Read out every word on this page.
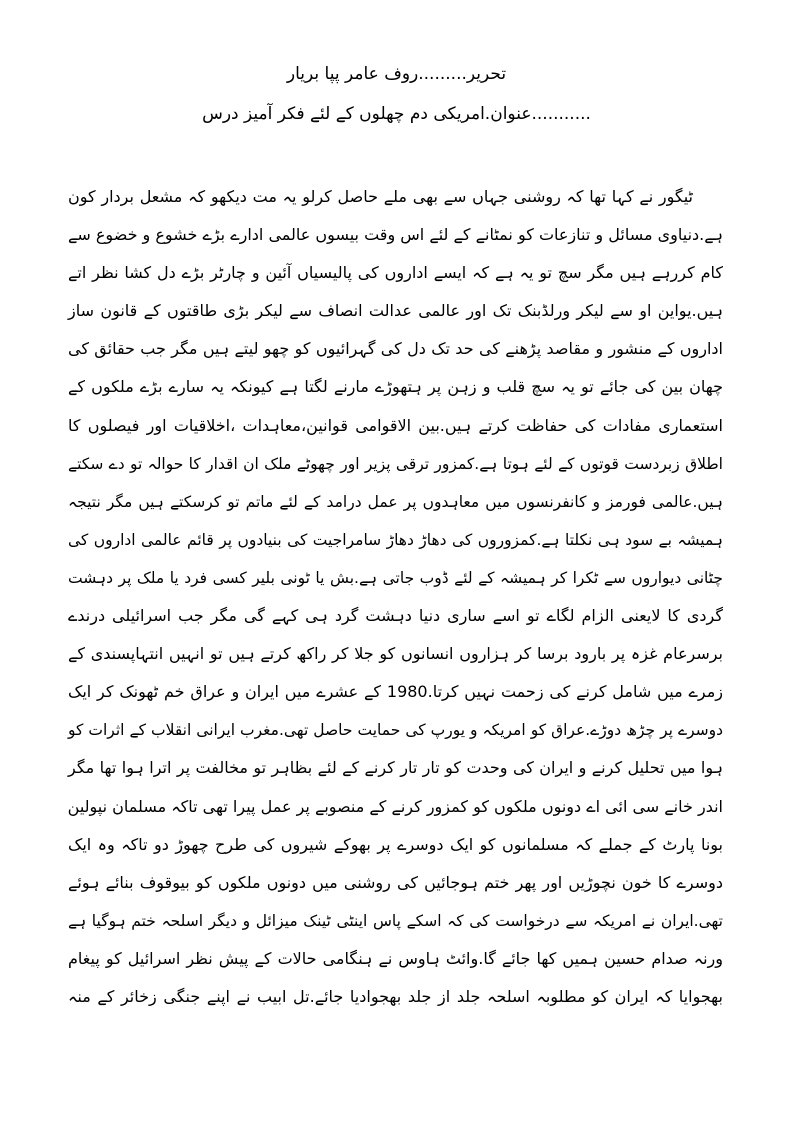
تحریر.........روف عامر پپا بریار
...........عنوان.امریکی دم چھلوں کے لئے فکر آمیز درس
ٹیگور نے کہا تھا کہ روشنی جہاں سے بھی ملے حاصل کرلو یہ مت دیکھو کہ مشعل بردار کون
ہے.دنیاوی مسائل و تنازعات کو نمٹانے کے لئے اس وقت بیسوں عالمی ادارے بڑے خشوع و خضوع سے
کام کررہے ہیں مگر سچ تو یہ ہے کہ ایسے اداروں کی پالیسیاں آئین و چارٹر بڑے دل کشا نظر اتے
ہیں.یواین او سے لیکر ورلڈبنک تک اور عالمی عدالت انصاف سے لیکر بڑی طاقتوں کے قانون ساز
اداروں کے منشور و مقاصد پڑھنے کی حد تک دل کی گہرائیوں کو چھو لیتے ہیں مگر جب حقائق کی
چھان بین کی جائے تو یہ سچ قلب و زہن پر ہتھوڑے مارنے لگتا ہے کیونکہ یہ سارے بڑے ملکوں کے
استعماری مفادات کی حفاظت کرتے ہیں.بین الاقوامی قوانین،معاہدات ،اخلاقیات اور فیصلوں کا
اطلاق زبردست قوتوں کے لئے ہوتا ہے.کمزور ترقی پزیر اور چھوٹے ملک ان اقدار کا حوالہ تو دے سکتے
ہیں.عالمی فورمز و کانفرنسوں میں معاہدوں پر عمل درامد کے لئے ماتم تو کرسکتے ہیں مگر نتیجہ
ہمیشہ بے سود ہی نکلتا ہے.کمزوروں کی دھاڑ دھاڑ سامراجیت کی بنیادوں پر قائم عالمی اداروں کی
چٹانی دیواروں سے ٹکرا کر ہمیشہ کے لئے ڈوب جاتی ہے.بش یا ٹونی بلیر کسی فرد یا ملک پر دہشت
گردی کا لایعنی الزام لگاے تو اسے ساری دنیا دہشت گرد ہی کہے گی مگر جب اسرائیلی درندے
برسرعام غزہ پر بارود برسا کر ہزاروں انسانوں کو جلا کر راکھ کرتے ہیں تو انہیں انتہاپسندی کے
زمرے میں شامل کرنے کی زحمت نہیں کرتا.1980 کے عشرے میں ایران و عراق خم ٹھونک کر ایک
دوسرے پر چڑھ دوڑے.عراق کو امریکہ و یورپ کی حمایت حاصل تھی.مغرب ایرانی انقلاب کے اثرات کو
ہوا میں تحلیل کرنے و ایران کی وحدت کو تار تار کرنے کے لئے بظاہر تو مخالفت پر اترا ہوا تھا مگر
اندر خانے سی ائی اے دونوں ملکوں کو کمزور کرنے کے منصوبے پر عمل پیرا تھی تاکہ مسلمان نپولین
بونا پارٹ کے جملے کہ مسلمانوں کو ایک دوسرے پر بھوکے شیروں کی طرح چھوڑ دو تاکہ وہ ایک
دوسرے کا خون نچوڑیں اور پھر ختم ہوجائیں کی روشنی میں دونوں ملکوں کو بیوقوف بنائے ہوئے
تھی.ایران نے امریکہ سے درخواست کی کہ اسکے پاس اینٹی ٹینک میزائل و دیگر اسلحہ ختم ہوگیا ہے
ورنہ صدام حسین ہمیں کھا جائے گا.وائٹ ہاوس نے ہنگامی حالات کے پیش نظر اسرائیل کو پیغام
بھجوایا کہ ایران کو مطلوبہ اسلحہ جلد از جلد بھجوادیا جائے.تل ابیب نے اپنے جنگی زخائر کے منہ
